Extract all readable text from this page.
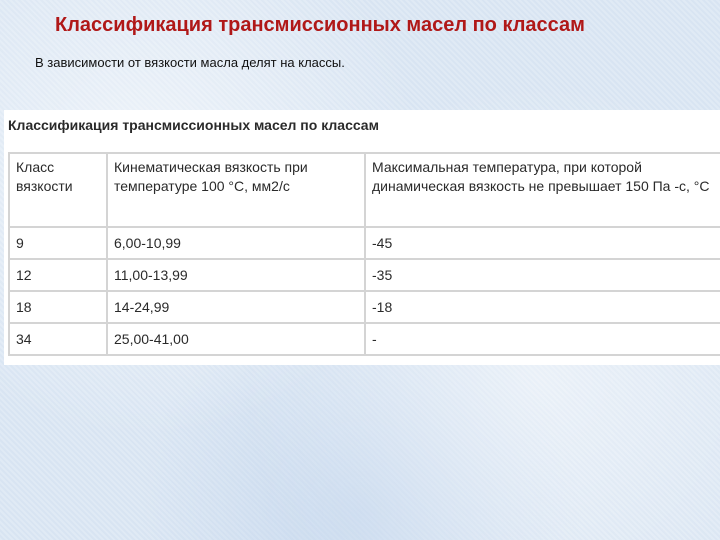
Классификация трансмиссионных масел по классам

В зависимости от вязкости масла делят на классы.

Классификация трансмиссионных масел по классам

Класс вязкости	Кинематическая вязкость при температуре 100 °С, мм2/с	Максимальная температура, при которой динамическая вязкость не превышает 150 Па -с, °С
9	6,00-10,99	-45
12	11,00-13,99	-35
18	14-24,99	-18
34	25,00-41,00	-
